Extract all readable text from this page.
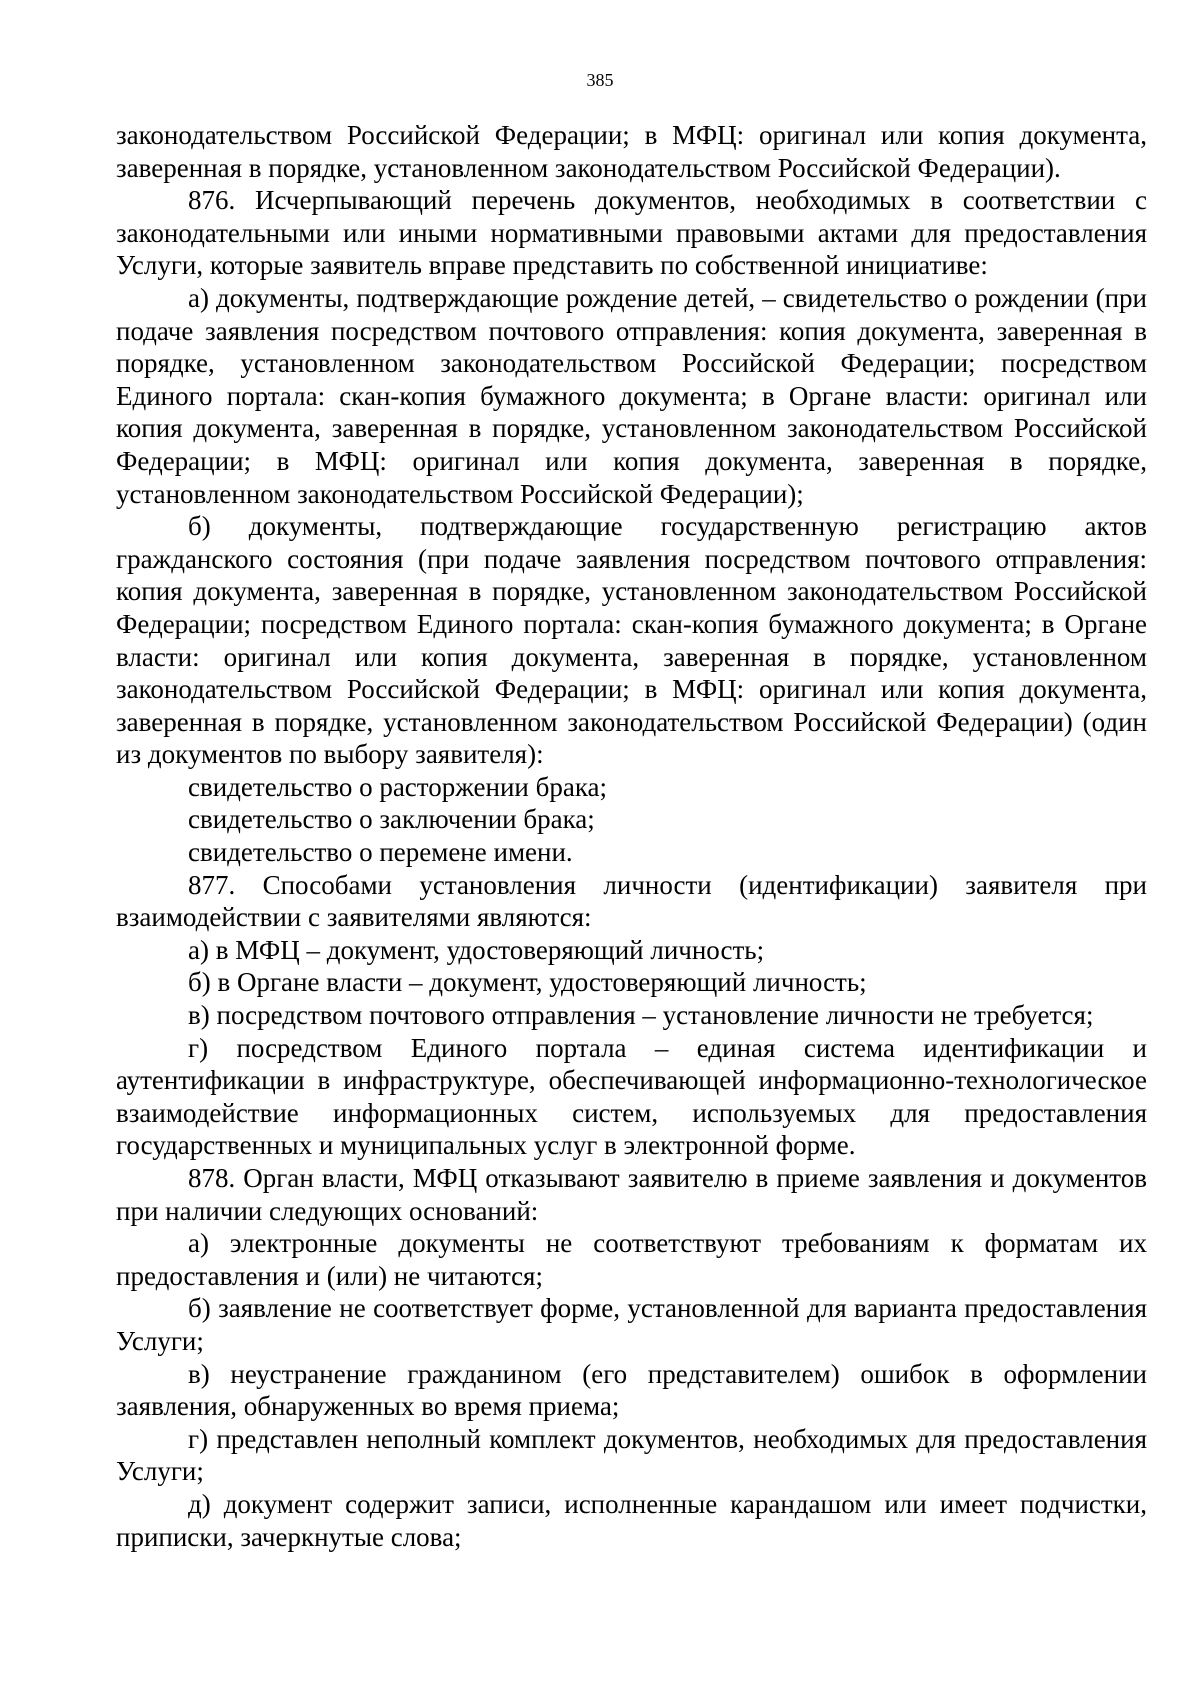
385

законодательством Российской Федерации; в МФЦ: оригинал или копия документа, заверенная в порядке, установленном законодательством Российской Федерации).

876. Исчерпывающий перечень документов, необходимых в соответствии с законодательными или иными нормативными правовыми актами для предоставления Услуги, которые заявитель вправе представить по собственной инициативе:

а) документы, подтверждающие рождение детей, – свидетельство о рождении (при подаче заявления посредством почтового отправления: копия документа, заверенная в порядке, установленном законодательством Российской Федерации; посредством Единого портала: скан-копия бумажного документа; в Органе власти: оригинал или копия документа, заверенная в порядке, установленном законодательством Российской Федерации; в МФЦ: оригинал или копия документа, заверенная в порядке, установленном законодательством Российской Федерации);

б) документы, подтверждающие государственную регистрацию актов гражданского состояния (при подаче заявления посредством почтового отправления: копия документа, заверенная в порядке, установленном законодательством Российской Федерации; посредством Единого портала: скан-копия бумажного документа; в Органе власти: оригинал или копия документа, заверенная в порядке, установленном законодательством Российской Федерации; в МФЦ: оригинал или копия документа, заверенная в порядке, установленном законодательством Российской Федерации) (один из документов по выбору заявителя):

свидетельство о расторжении брака;

свидетельство о заключении брака;

свидетельство о перемене имени.

877. Способами установления личности (идентификации) заявителя при взаимодействии с заявителями являются:

а) в МФЦ – документ, удостоверяющий личность;

б) в Органе власти – документ, удостоверяющий личность;

в) посредством почтового отправления – установление личности не требуется;

г) посредством Единого портала – единая система идентификации и аутентификации в инфраструктуре, обеспечивающей информационно-технологическое взаимодействие информационных систем, используемых для предоставления государственных и муниципальных услуг в электронной форме.

878. Орган власти, МФЦ отказывают заявителю в приеме заявления и документов при наличии следующих оснований:

а) электронные документы не соответствуют требованиям к форматам их предоставления и (или) не читаются;

б) заявление не соответствует форме, установленной для варианта предоставления Услуги;

в) неустранение гражданином (его представителем) ошибок в оформлении заявления, обнаруженных во время приема;

г) представлен неполный комплект документов, необходимых для предоставления Услуги;

д) документ содержит записи, исполненные карандашом или имеет подчистки, приписки, зачеркнутые слова;
